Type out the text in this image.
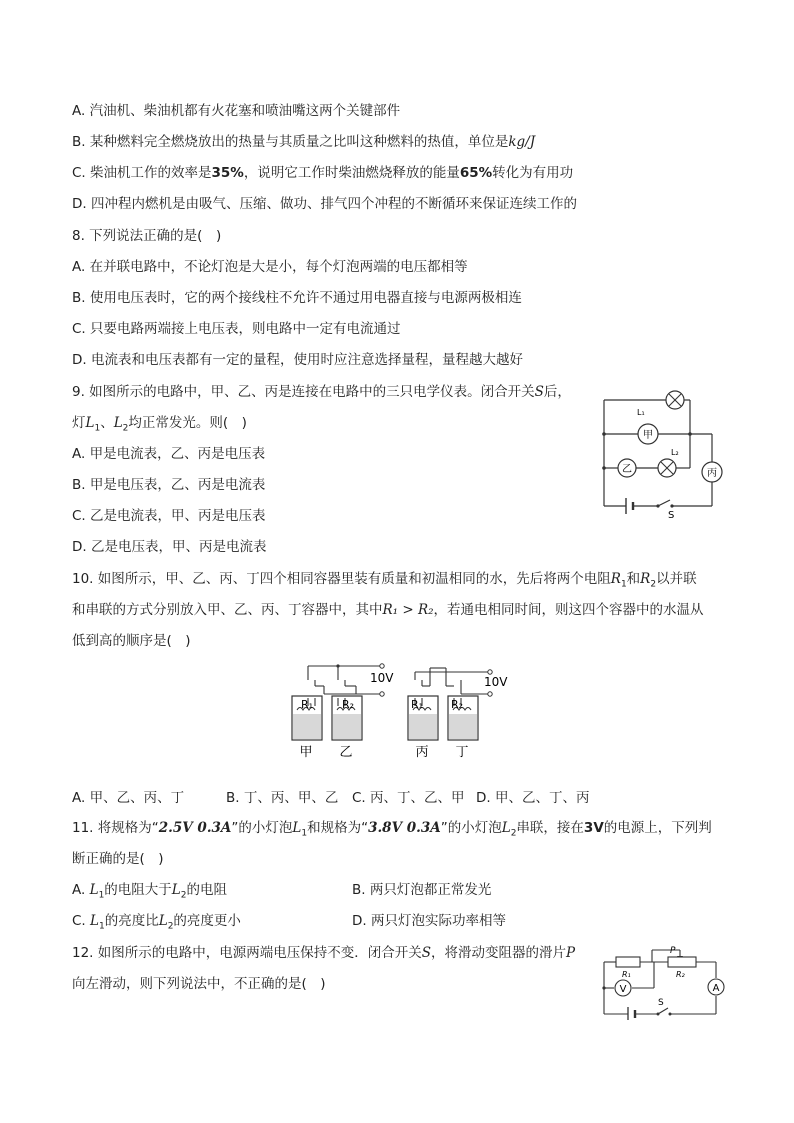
A. 汽油机、柴油机都有火花塞和喷油嘴这两个关键部件
B. 某种燃料完全燃烧放出的热量与其质量之比叫这种燃料的热值，单位是kg/J
C. 柴油机工作的效率是35%，说明它工作时柴油燃烧释放的能量65%转化为有用功
D. 四冲程内燃机是由吸气、压缩、做功、排气四个冲程的不断循环来保证连续工作的
8. 下列说法正确的是(　)
A. 在并联电路中，不论灯泡是大是小，每个灯泡两端的电压都相等
B. 使用电压表时，它的两个接线柱不允许不通过用电器直接与电源两极相连
C. 只要电路两端接上电压表，则电路中一定有电流通过
D. 电流表和电压表都有一定的量程，使用时应注意选择量程，量程越大越好
9. 如图所示的电路中，甲、乙、丙是连接在电路中的三只电学仪表。闭合开关S后，
灯$L_1$、$L_2$均正常发光。则(　)
A. 甲是电流表，乙、丙是电压表
B. 甲是电压表，乙、丙是电流表
C. 乙是电流表，甲、丙是电压表
D. 乙是电压表，甲、丙是电流表
L₁
L₂
甲
乙	丙
S
10. 如图所示，甲、乙、丙、丁四个相同容器里装有质量和初温相同的水，先后将两个电阻$R_1$和$R_2$以并联
和串联的方式分别放入甲、乙、丙、丁容器中，其中R₁ > R₂，若通电相同时间，则这四个容器中的水温从
低到高的顺序是(　)
R₁	R₂	R₁	R₂
10V	10V
甲 乙	丙 丁
A. 甲、乙、丙、丁	B. 丁、丙、甲、乙 C. 丙、丁、乙、甲 D. 甲、乙、丁、丙
11. 将规格为“2.5V 0.3A”的小灯泡$L_1$和规格为“3.8V 0.3A”的小灯泡$L_2$串联，接在3V的电源上，下列判
断正确的是(　)
A. $L_1$的电阻大于$L_2$的电阻	B. 两只灯泡都正常发光
C. $L_1$的亮度比$L_2$的亮度更小	D. 两只灯泡实际功率相等
12. 如图所示的电路中，电源两端电压保持不变．闭合开关S，将滑动变阻器的滑片P
向左滑动，则下列说法中，不正确的是(　)
P
R₁	R₂
V	A
S
